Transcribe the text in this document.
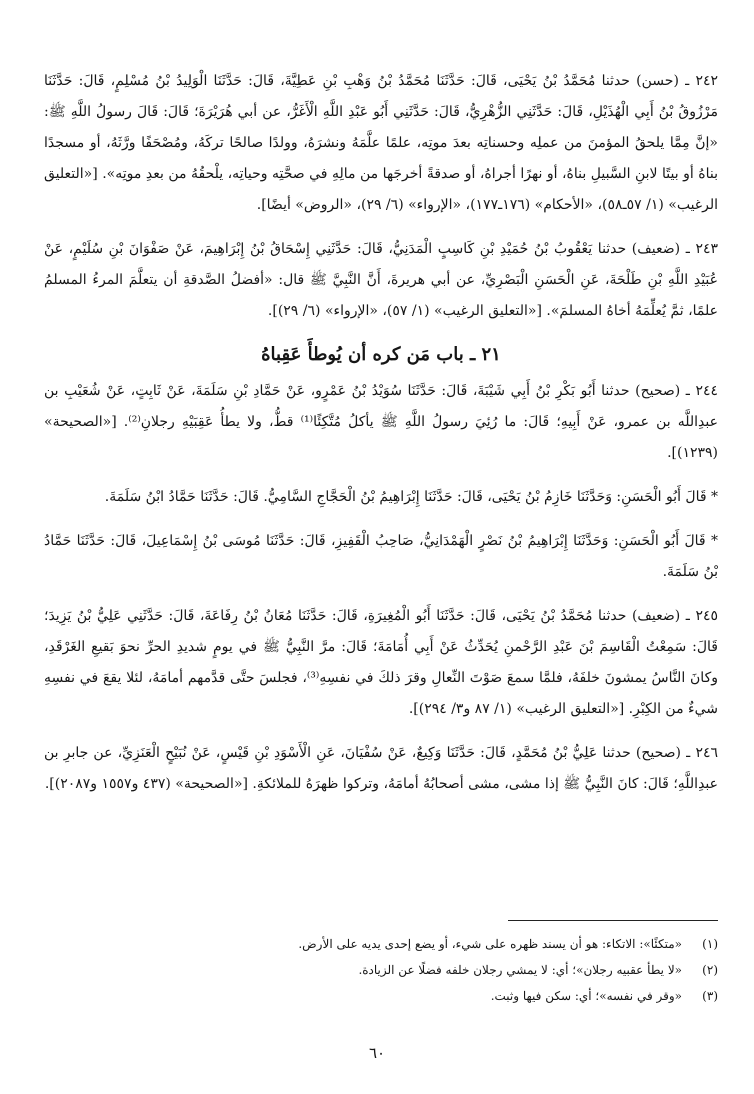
٢٤٢ ـ (حسن) حدثنا مُحَمَّدُ بْنُ يَحْيَى، قَالَ: حَدَّثَنَا مُحَمَّدُ بْنُ وَهْبِ بْنِ عَطِيَّةَ، قَالَ: حَدَّثَنَا الْوَلِيدُ بْنُ مُسْلِمٍ، قَالَ: حَدَّثَنَا مَرْزُوقُ بْنُ أَبِي الْهُذَيْلِ، قَالَ: حَدَّثَنِي الزُّهْرِيُّ، قَالَ: حَدَّثَنِي أَبُو عَبْدِ اللَّهِ الْأَغَرُّ، عن أبي هُرَيْرَةَ؛ قَالَ: قَالَ رسولُ اللَّهِ ﷺ: «إنَّ مِمَّا يلحقُ المؤمنَ من عملِه وحسناتِه بعدَ موتِه، علمًا علَّمَهُ ونشرَهُ، وولدًا صالحًا تركَهُ، ومُصْحَفًا ورَّثَهُ، أو مسجدًا بناهُ أو بيتًا لابنِ السَّبيلِ بناهُ، أو نهرًا أجراهُ، أو صدقةً أخرجَها من مالِهِ في صحَّتِه وحياتِه، يلْحقُهُ من بعدِ موتِه». [«التعليق الرغيب» (١/ ٥٧ـ٥٨)، «الأحكام» (١٧٦ـ١٧٧)، «الإرواء» (٦/ ٢٩)، «الروض» أيضًا].

٢٤٣ ـ (ضعيف) حدثنا يَعْقُوبُ بْنُ حُمَيْدِ بْنِ كَاسِبٍ الْمَدَنِيُّ، قَالَ: حَدَّثَنِي إِسْحَاقُ بْنُ إِبْرَاهِيمَ، عَنْ صَفْوَانَ بْنِ سُلَيْمٍ، عَنْ عُبَيْدِ اللَّهِ بْنِ طَلْحَةَ، عَنِ الْحَسَنِ الْبَصْرِيِّ، عن أبي هريرةَ، أَنَّ النَّبِيَّ ﷺ قال: «أفضلُ الصَّدقةِ أن يتعلَّمَ المرءُ المسلمُ علمًا، ثمَّ يُعلِّمَهُ أخاهُ المسلمَ». [«التعليق الرغيب» (١/ ٥٧)، «الإرواء» (٦/ ٢٩)].

٢١ ـ باب مَن كره أن يُوطأَ عَقِباهُ

٢٤٤ ـ (صحيح) حدثنا أَبُو بَكْرِ بْنُ أَبِي شَيْبَةَ، قَالَ: حَدَّثَنَا سُوَيْدُ بْنُ عَمْرٍو، عَنْ حَمَّادِ بْنِ سَلَمَةَ، عَنْ ثَابِتٍ، عَنْ شُعَيْبِ بن عبدِاللَّه بن عمرو، عَنْ أَبِيهِ؛ قَالَ: ما رُئِيَ رسولُ اللَّهِ ﷺ يأكلُ مُتَّكِئًا⁽¹⁾ قطُّ، ولا يطأُ عَقِبَيْهِ رجلانِ⁽²⁾. [«الصحيحة» (١٢٣٩)].

* قَالَ أَبُو الْحَسَنِ: وَحَدَّثَنَا خَازِمُ بْنُ يَحْيَى، قَالَ: حَدَّثَنَا إِبْرَاهِيمُ بْنُ الْحَجَّاجِ السَّامِيُّ. قَالَ: حَدَّثَنَا حَمَّادُ ابْنُ سَلَمَةَ.

* قَالَ أَبُو الْحَسَنِ: وَحَدَّثَنَا إِبْرَاهِيمُ بْنُ نَصْرٍ الْهَمْدَانِيُّ، صَاحِبُ الْقَفِيزِ، قَالَ: حَدَّثَنَا مُوسَى بْنُ إِسْمَاعِيلَ، قَالَ: حَدَّثَنَا حَمَّادُ بْنُ سَلَمَةَ.

٢٤٥ ـ (ضعيف) حدثنا مُحَمَّدُ بْنُ يَحْيَى، قَالَ: حَدَّثَنَا أَبُو الْمُغِيرَةِ، قَالَ: حَدَّثَنَا مُعَانُ بْنُ رِفَاعَةَ، قَالَ: حَدَّثَنِي عَلِيُّ بْنُ يَزِيدَ؛ قَالَ: سَمِعْتُ الْقَاسِمَ بْنَ عَبْدِ الرَّحْمنِ يُحَدِّثُ عَنْ أَبِي أُمَامَةَ؛ قَالَ: مرَّ النَّبِيُّ ﷺ في يومٍ شديدِ الحرِّ نحوَ بَقيعِ الغَرْقَدِ، وكانَ النَّاسُ يمشونَ خلفَهُ، فلمَّا سمعَ صَوْتَ النِّعالِ وقرَ ذلكَ في نفسِهِ⁽³⁾، فجلسَ حتَّى قدَّمهم أمامَهُ، لئلا يقعَ في نفسِهِ شيءٌ من الكِبْرِ. [«التعليق الرغيب» (١/ ٨٧ و٣/ ٢٩٤)].

٢٤٦ ـ (صحيح) حدثنا عَلِيُّ بْنُ مُحَمَّدٍ، قَالَ: حَدَّثَنَا وَكِيعٌ، عَنْ سُفْيَانَ، عَنِ الْأَسْوَدِ بْنِ قَيْسٍ، عَنْ نُبَيْحٍ الْعَنَزِيِّ، عن جابرِ بن عبدِاللَّهِ؛ قَالَ: كانَ النَّبِيُّ ﷺ إذا مشى، مشى أصحابُهُ أمامَهُ، وتركوا ظهرَهُ للملائكةِ. [«الصحيحة» (٤٣٧ و١٥٥٧ و٢٠٨٧)].

(١)
«متكئًا»: الاتكاء: هو أن يسند ظهره على شيء، أو يضع إحدى يديه على الأرض.
(٢)
«لا يطأ عقبيه رجلان»؛ أي: لا يمشي رجلان خلفه فضلًا عن الزيادة.
(٣)
«وقر في نفسه»؛ أي: سكن فيها وثبت.
٦٠
